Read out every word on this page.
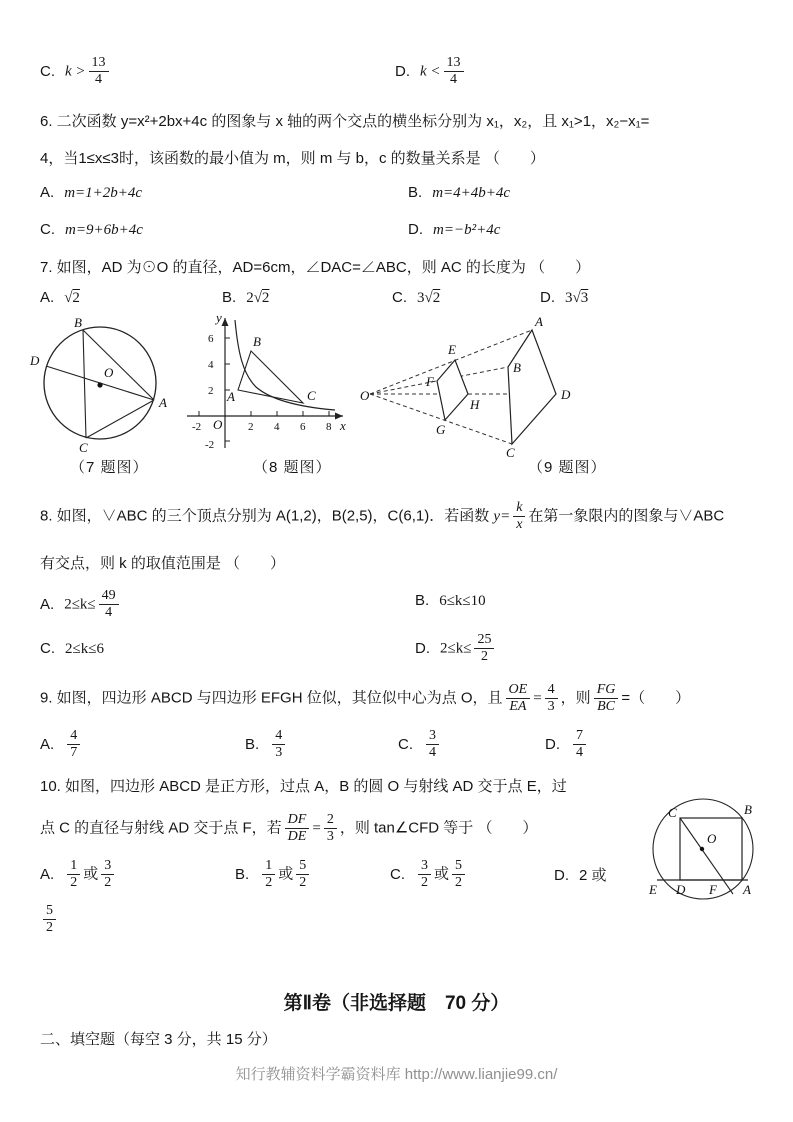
C. $k > \frac{13}{4}$	D. $k < \frac{13}{4}$
6. 二次函数 y=x²+2bx+4c 的图象与 x 轴的两个交点的横坐标分别为 x₁，x₂，且 x₁>1，x₂−x₁=
4，当1≤x≤3时，该函数的最小值为 m，则 m 与 b，c 的数量关系是 （　　）
A. m=1+2b+4c	B. m=4+4b+4c
C. m=9+6b+4c	D. m=−b²+4c
7. 如图，AD 为⊙O 的直径，AD=6cm，∠DAC=∠ABC，则 AC 的长度为 （　　）
A. √2	B. 2√2	C. 3√2	D. 3√3
O
B
D
A
C
6
4
2
-2
-2	2 4 6 8
y
x
O
A
B
C	O
A
B
C
D
E
F
G
H
（7 题图）	（8 题图）	（9 题图）
8. 如图，∨ABC 的三个顶点分别为 A(1,2)，B(2,5)，C(6,1)．若函数 $y= \frac{k}{x}$ 在第一象限内的图象与∨ABC
有交点，则 k 的取值范围是 （　　）
A. $2\le k\le \frac{49}{4}$	B. 6≤k≤10
C. 2≤k≤6	D. $2\le k\le \frac{25}{2}$
9. 如图，四边形 ABCD 与四边形 EFGH 位似，其位似中心为点 O，且 $\frac{OE}{EA} = \frac{4}{3}$ ，则 $\frac{FG}{BC}$ =（　　）
A. $\frac{4}{7}$	B. $\frac{4}{3}$	C. $\frac{3}{4}$	D. $\frac{7}{4}$
10. 如图，四边形 ABCD 是正方形，过点 A，B 的圆 O 与射线 AD 交于点 E，过
点 C 的直径与射线 AD 交于点 F，若 $\frac{DF}{DE} = \frac{2}{3}$ ，则 tan∠CFD 等于 （　　）
A. $\frac{1}{2}$ 或 $\frac{3}{2}$	B. $\frac{1}{2}$ 或 $\frac{5}{2}$	C. $\frac{3}{2}$ 或 $\frac{5}{2}$	D. 2 或
$\frac{5}{2}$
C	B
O
E D F A
第Ⅱ卷（非选择题　70 分）
二、填空题（每空 3 分，共 15 分）
知行教辅资料学霸资料库 http://www.lianjie99.cn/
